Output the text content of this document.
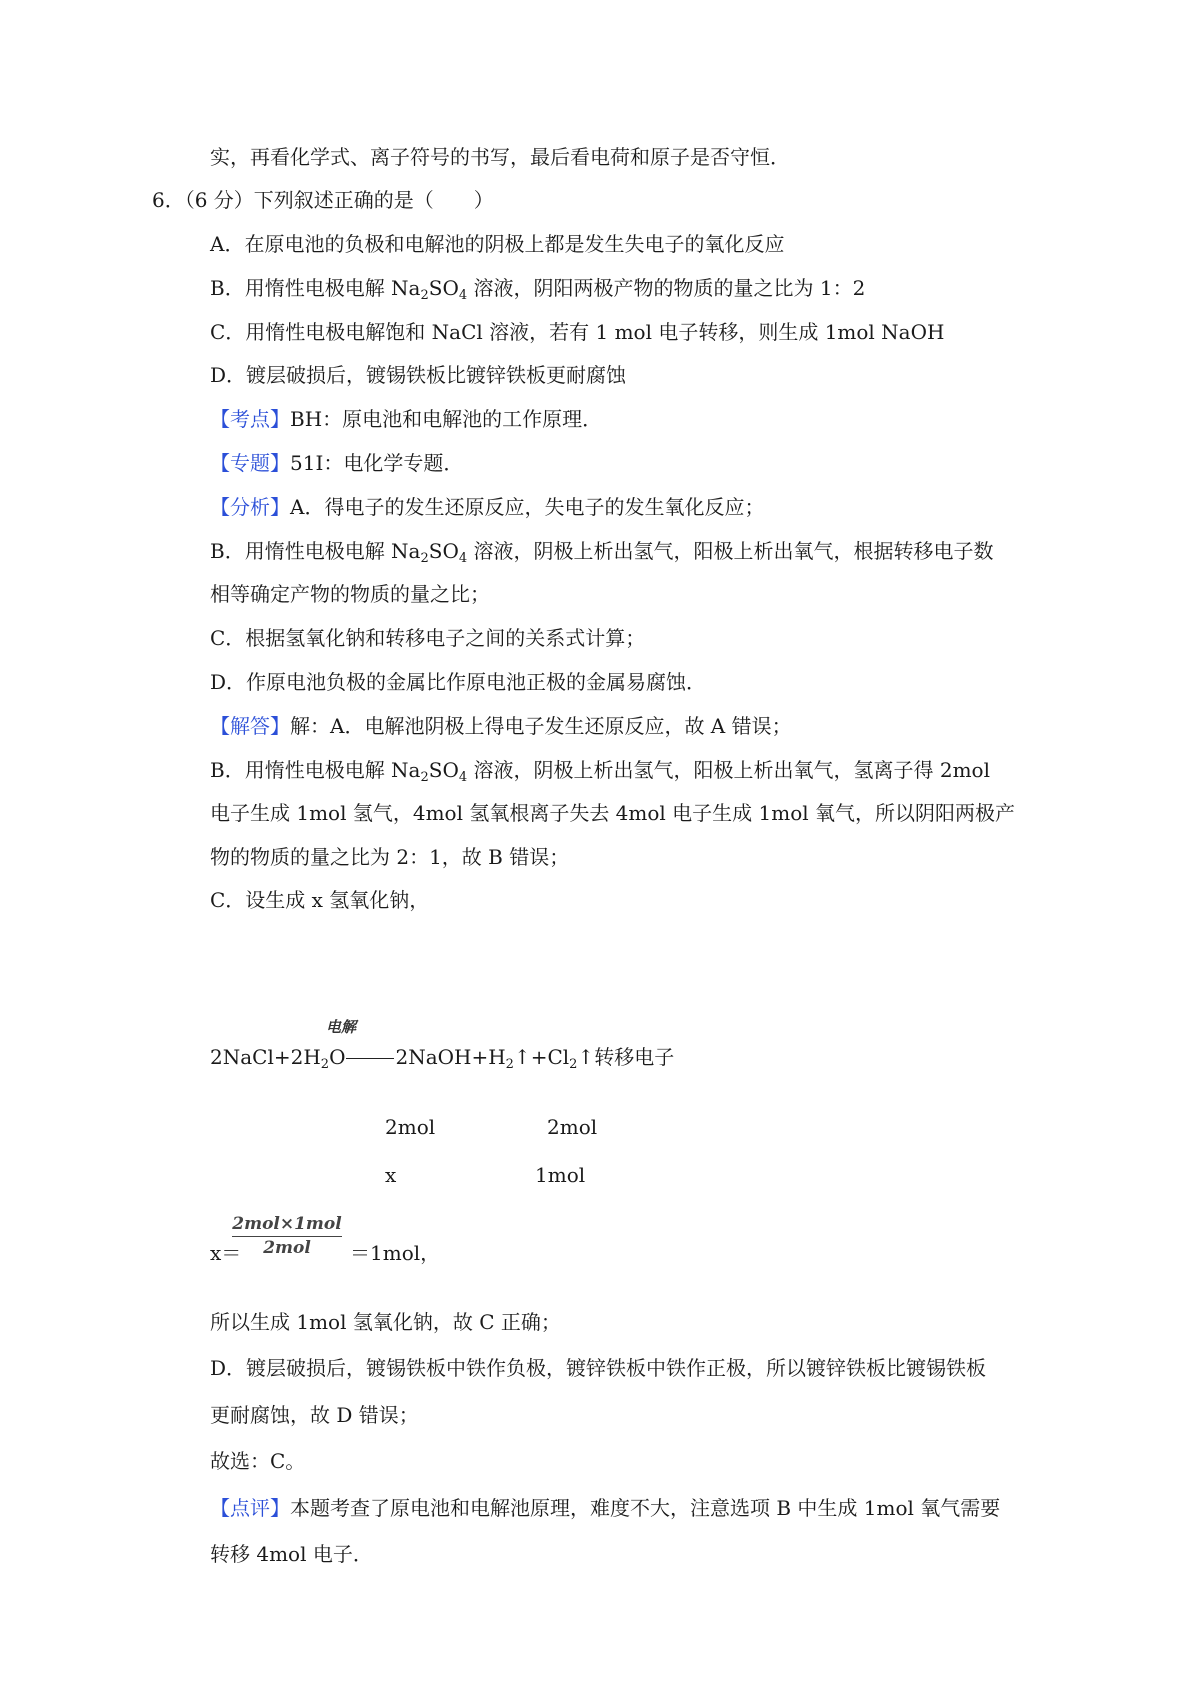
实，再看化学式、离子符号的书写，最后看电荷和原子是否守恒．
6．（6 分）下列叙述正确的是（　　）
A．在原电池的负极和电解池的阴极上都是发生失电子的氧化反应
B．用惰性电极电解 $Na_2SO_4$ 溶液，阴阳两极产物的物质的量之比为 1：2
C．用惰性电极电解饱和 NaCl 溶液，若有 1 mol 电子转移，则生成 1mol NaOH
D．镀层破损后，镀锡铁板比镀锌铁板更耐腐蚀
【考点】BH：原电池和电解池的工作原理．
【专题】51I：电化学专题．
【分析】A．得电子的发生还原反应，失电子的发生氧化反应；
B．用惰性电极电解 $Na_2SO_4$ 溶液，阴极上析出氢气，阳极上析出氧气，根据转移电子数
相等确定产物的物质的量之比；
C．根据氢氧化钠和转移电子之间的关系式计算；
D．作原电池负极的金属比作原电池正极的金属易腐蚀．
【解答】解：A．电解池阴极上得电子发生还原反应，故 A 错误；
B．用惰性电极电解 $Na_2SO_4$ 溶液，阴极上析出氢气，阳极上析出氧气，氢离子得 2mol
电子生成 1mol 氢气，4mol 氢氧根离子失去 4mol 电子生成 1mol 氧气，所以阴阳两极产
物的物质的量之比为 2：1，故 B 错误；
C．设生成 x 氢氧化钠，
电解
$2NaCl+2H_2O$	$2NaOH+H_2↑+Cl_2↑$转移电子
2mol	2mol
x	1mol
x＝
2mol×1mol
2mol	＝1mol，
所以生成 1mol 氢氧化钠，故 C 正确；
D．镀层破损后，镀锡铁板中铁作负极，镀锌铁板中铁作正极，所以镀锌铁板比镀锡铁板
更耐腐蚀，故 D 错误；
故选：C。
【点评】本题考查了原电池和电解池原理，难度不大，注意选项 B 中生成 1mol 氧气需要
转移 4mol 电子．
